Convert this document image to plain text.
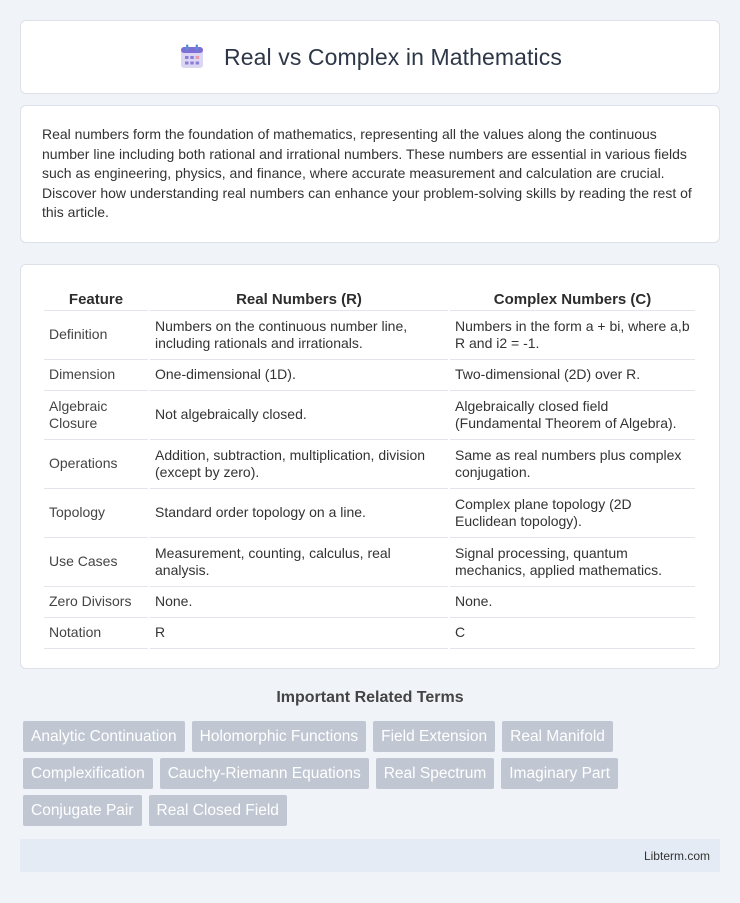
Real vs Complex in Mathematics

Real numbers form the foundation of mathematics, representing all the values along the continuous number line including both rational and irrational numbers. These numbers are essential in various fields such as engineering, physics, and finance, where accurate measurement and calculation are crucial. Discover how understanding real numbers can enhance your problem-solving skills by reading the rest of this article.

Feature	Real Numbers (R)	Complex Numbers (C)
Definition	Numbers on the continuous number line, including rationals and irrationals.	Numbers in the form a + bi, where a,b R and i2 = -1.
Dimension	One-dimensional (1D).	Two-dimensional (2D) over R.
Algebraic Closure	Not algebraically closed.	Algebraically closed field (Fundamental Theorem of Algebra).
Operations	Addition, subtraction, multiplication, division (except by zero).	Same as real numbers plus complex conjugation.
Topology	Standard order topology on a line.	Complex plane topology (2D Euclidean topology).
Use Cases	Measurement, counting, calculus, real analysis.	Signal processing, quantum mechanics, applied mathematics.
Zero Divisors	None.	None.
Notation	R	C
Important Related Terms
Analytic Continuation	Holomorphic Functions	Field Extension	Real Manifold
Complexification	Cauchy-Riemann Equations	Real Spectrum	Imaginary Part
Conjugate Pair	Real Closed Field
Libterm.com
